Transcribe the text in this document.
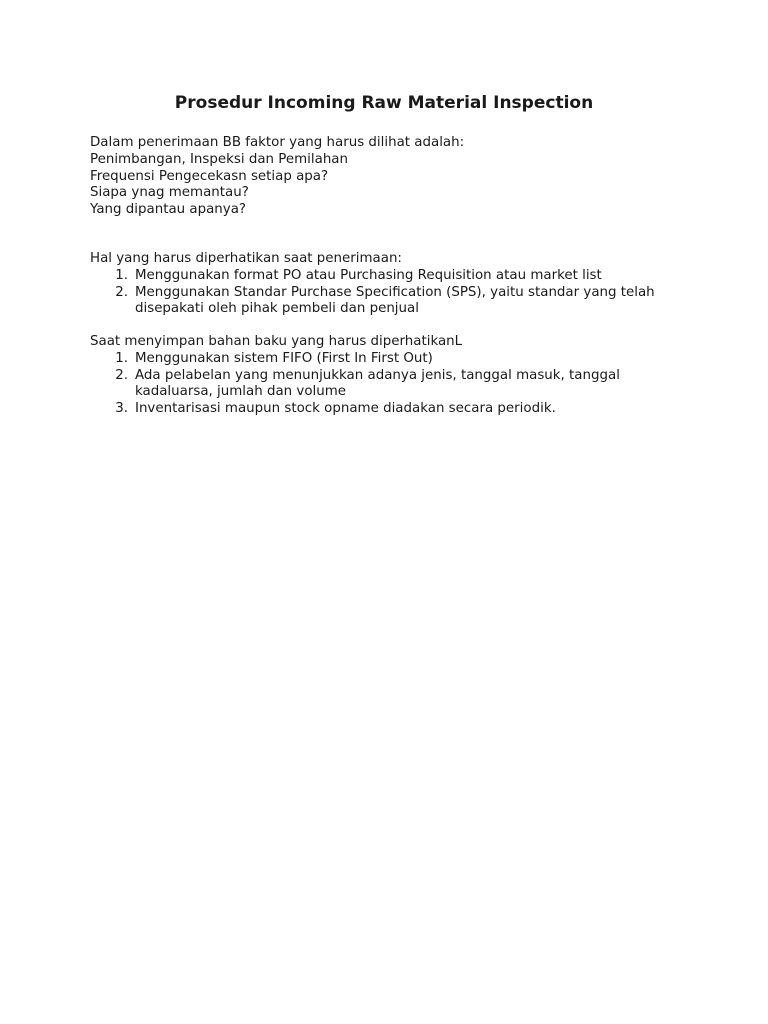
Prosedur Incoming Raw Material Inspection

Dalam penerimaan BB faktor yang harus dilihat adalah:

Penimbangan, Inspeksi dan Pemilahan

Frequensi Pengecekasn setiap apa?

Siapa ynag memantau?

Yang dipantau apanya?

Hal yang harus diperhatikan saat penerimaan:

1. Menggunakan format PO atau Purchasing Requisition atau market list

2. Menggunakan Standar Purchase Specification (SPS), yaitu standar yang telah

disepakati oleh pihak pembeli dan penjual

Saat menyimpan bahan baku yang harus diperhatikanL

1. Menggunakan sistem FIFO (First In First Out)

2. Ada pelabelan yang menunjukkan adanya jenis, tanggal masuk, tanggal

kadaluarsa, jumlah dan volume

3. Inventarisasi maupun stock opname diadakan secara periodik.
